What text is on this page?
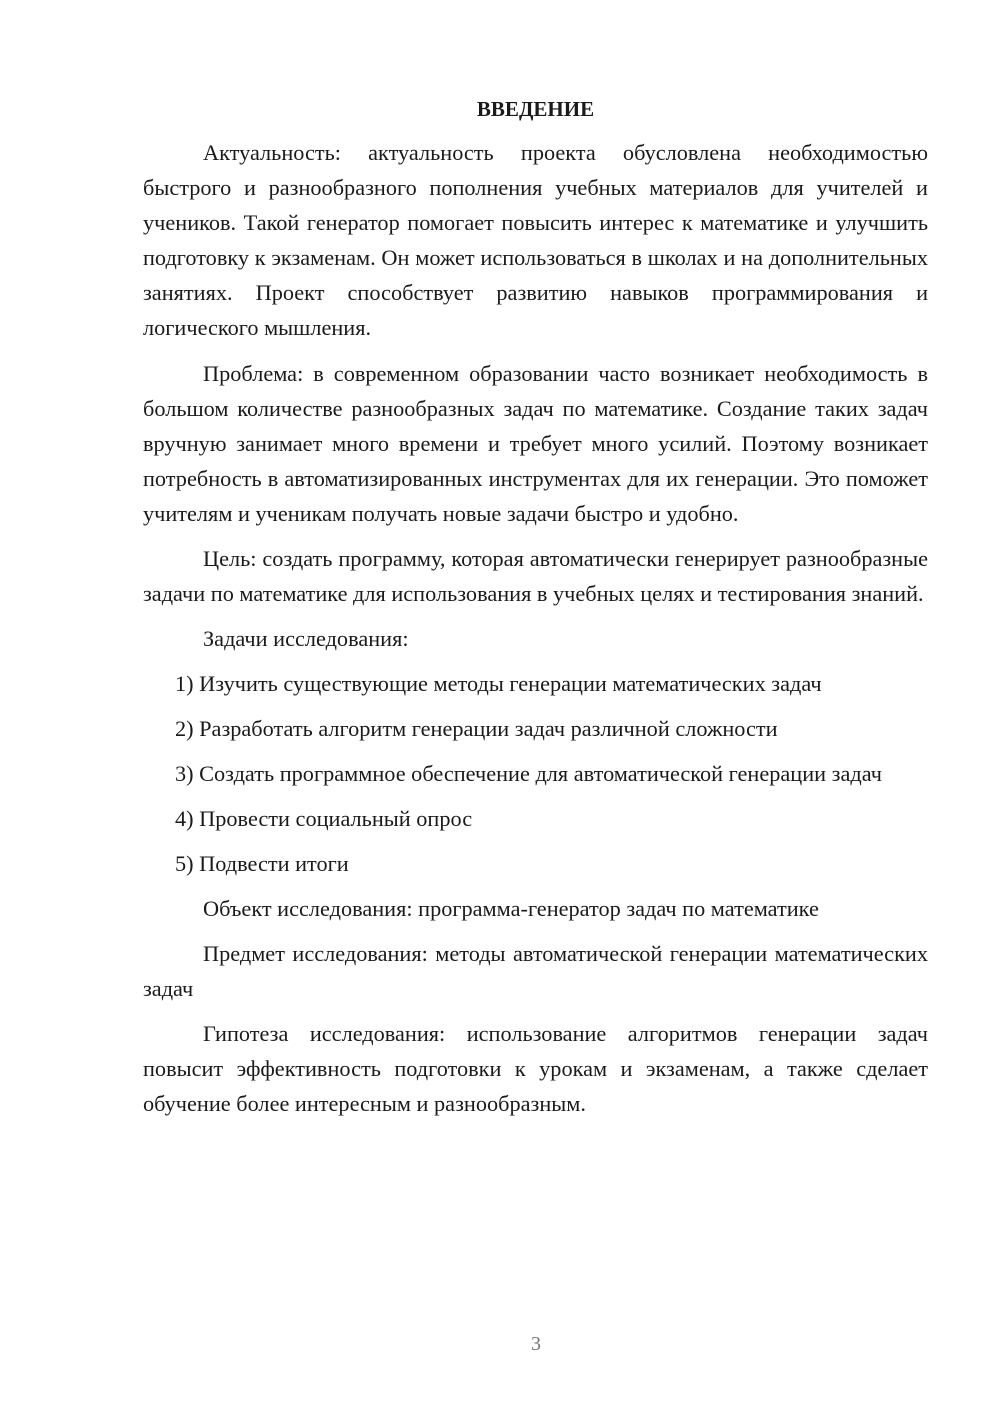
ВВЕДЕНИЕ

Актуальность: актуальность проекта обусловлена необходимостью быстрого и разнообразного пополнения учебных материалов для учителей и учеников. Такой генератор помогает повысить интерес к математике и улучшить подготовку к экзаменам. Он может использоваться в школах и на дополнительных занятиях. Проект способствует развитию навыков программирования и логического мышления.

Проблема: в современном образовании часто возникает необходимость в большом количестве разнообразных задач по математике. Создание таких задач вручную занимает много времени и требует много усилий. Поэтому возникает потребность в автоматизированных инструментах для их генерации. Это поможет учителям и ученикам получать новые задачи быстро и удобно.

Цель: создать программу, которая автоматически генерирует разнообразные задачи по математике для использования в учебных целях и тестирования знаний.

Задачи исследования:

1) Изучить существующие методы генерации математических задач

2) Разработать алгоритм генерации задач различной сложности

3) Создать программное обеспечение для автоматической генерации задач

4) Провести социальный опрос

5) Подвести итоги

Объект исследования: программа-генератор задач по математике

Предмет исследования: методы автоматической генерации математических задач

Гипотеза исследования: использование алгоритмов генерации задач повысит эффективность подготовки к урокам и экзаменам, а также сделает обучение более интересным и разнообразным.

3
